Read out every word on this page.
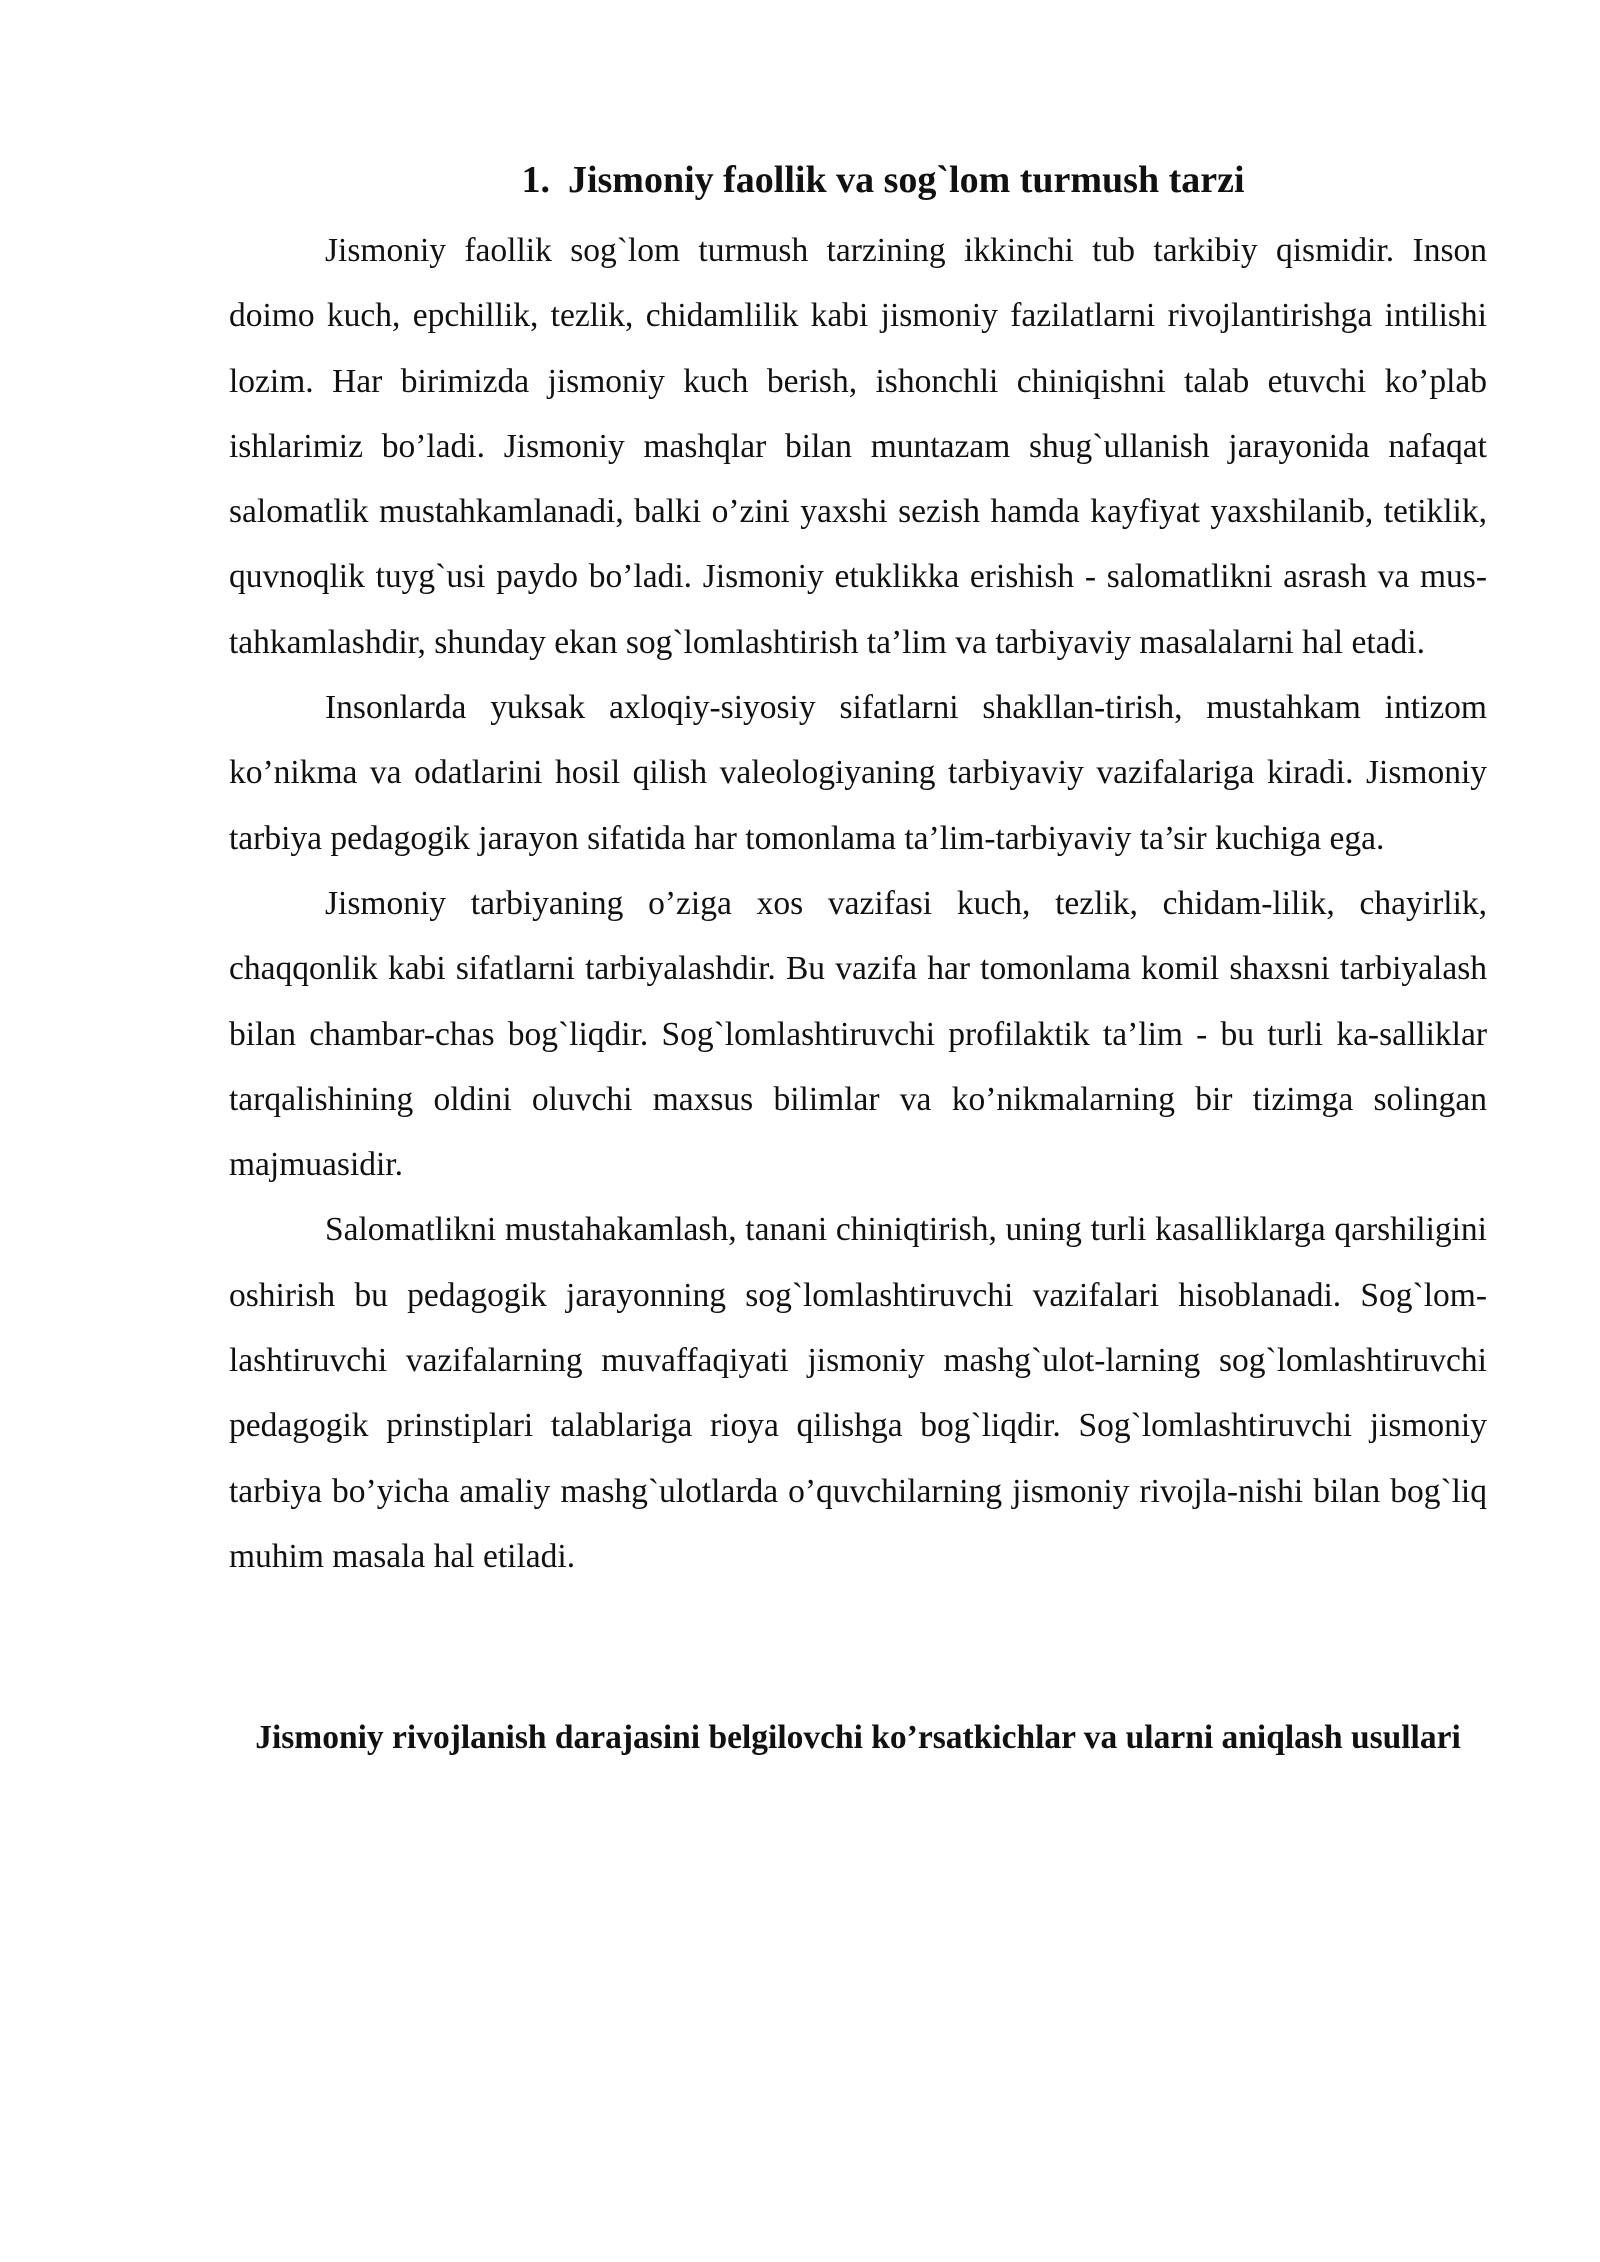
1. Jismoniy faollik va sog`lom turmush tarzi

Jismoniy faollik sog`lom turmush tarzining ikkinchi tub tarkibiy qismidir. Inson doimo kuch, epchillik, tezlik, chidamlilik kabi jismoniy fazilatlarni rivojlantirishga intilishi lozim. Har birimizda jismoniy kuch berish, ishonchli chiniqishni talab etuvchi ko’plab ishlarimiz bo’ladi. Jismoniy mashqlar bilan muntazam shug`ullanish jarayonida nafaqat salomatlik mustahkamlanadi, balki o’zini yaxshi sezish hamda kayfiyat yaxshilanib, tetiklik, quvnoqlik tuyg`usi paydo bo’ladi. Jismoniy etuklikka erishish - salomatlikni asrash va mus-tahkamlashdir, shunday ekan sog`lomlashtirish ta’lim va tarbiyaviy masalalarni hal etadi.

Insonlarda yuksak axloqiy-siyosiy sifatlarni shakllan-tirish, mustahkam intizom ko’nikma va odatlarini hosil qilish valeologiyaning tarbiyaviy vazifalariga kiradi. Jismoniy tarbiya pedagogik jarayon sifatida har tomonlama ta’lim-tarbiyaviy ta’sir kuchiga ega.

Jismoniy tarbiyaning o’ziga xos vazifasi kuch, tezlik, chidam-lilik, chayirlik, chaqqonlik kabi sifatlarni tarbiyalashdir. Bu vazifa har tomonlama komil shaxsni tarbiyalash bilan chambar-chas bog`liqdir. Sog`lomlashtiruvchi profilaktik ta’lim - bu turli ka-salliklar tarqalishining oldini oluvchi maxsus bilimlar va ko’nikmalarning bir tizimga solingan majmuasidir.

Salomatlikni mustahakamlash, tanani chiniqtirish, uning turli kasalliklarga qarshiligini oshirish bu pedagogik jarayonning sog`lomlashtiruvchi vazifalari hisoblanadi. Sog`lom-lashtiruvchi vazifalarning muvaffaqiyati jismoniy mashg`ulot-larning sog`lomlashtiruvchi pedagogik prinstiplari talablariga rioya qilishga bog`liqdir. Sog`lomlashtiruvchi jismoniy tarbiya bo’yicha amaliy mashg`ulotlarda o’quvchilarning jismoniy rivojla-nishi bilan bog`liq muhim masala hal etiladi.

Jismoniy rivojlanish darajasini belgilovchi ko’rsatkichlar va ularni aniqlash usullari
